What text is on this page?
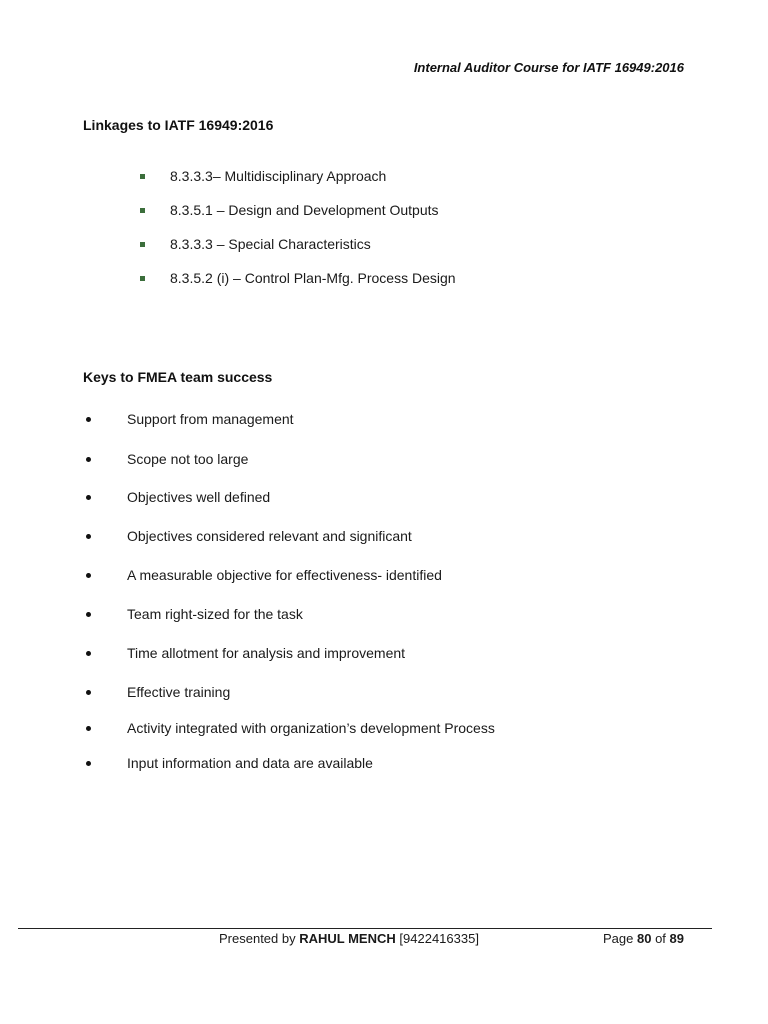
Internal Auditor Course for IATF 16949:2016
Linkages to IATF 16949:2016
8.3.3.3– Multidisciplinary Approach
8.3.5.1 – Design and Development Outputs
8.3.3.3 – Special Characteristics
8.3.5.2 (i) – Control Plan-Mfg. Process Design
Keys to FMEA team success
Support from management
Scope not too large
Objectives well defined
Objectives considered relevant and significant
A measurable objective for effectiveness- identified
Team right-sized for the task
Time allotment for analysis and improvement
Effective training
Activity integrated with organization’s development Process
Input information and data are available
Presented by RAHUL MENCH [9422416335]	Page 80 of 89
